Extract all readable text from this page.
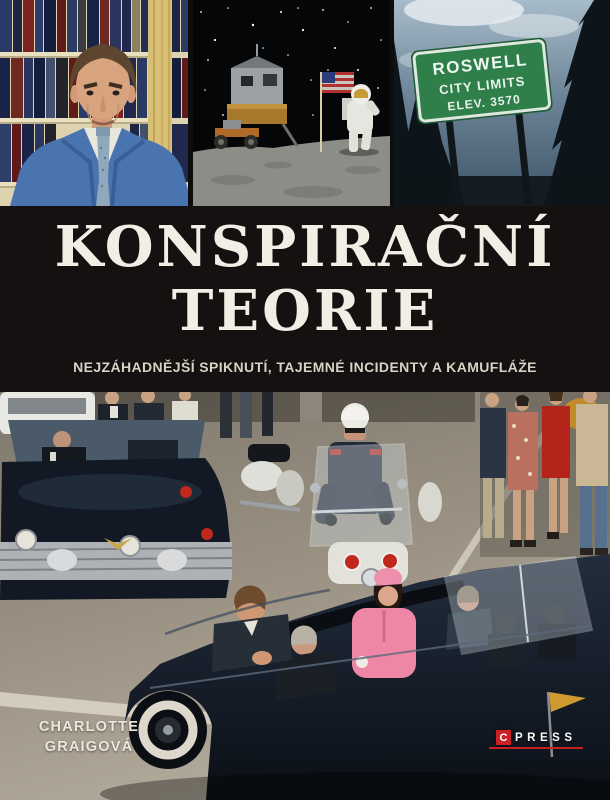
ROSWELL
CITY LIMITS
ELEV. 3570
KONSPIRAČNÍ
TEORIE
NEJZÁHADNĚJŠÍ SPIKNUTÍ, TAJEMNÉ INCIDENTY A KAMUFLÁŽE
CHARLOTTE
GRAIGOVÁ
C PRESS
